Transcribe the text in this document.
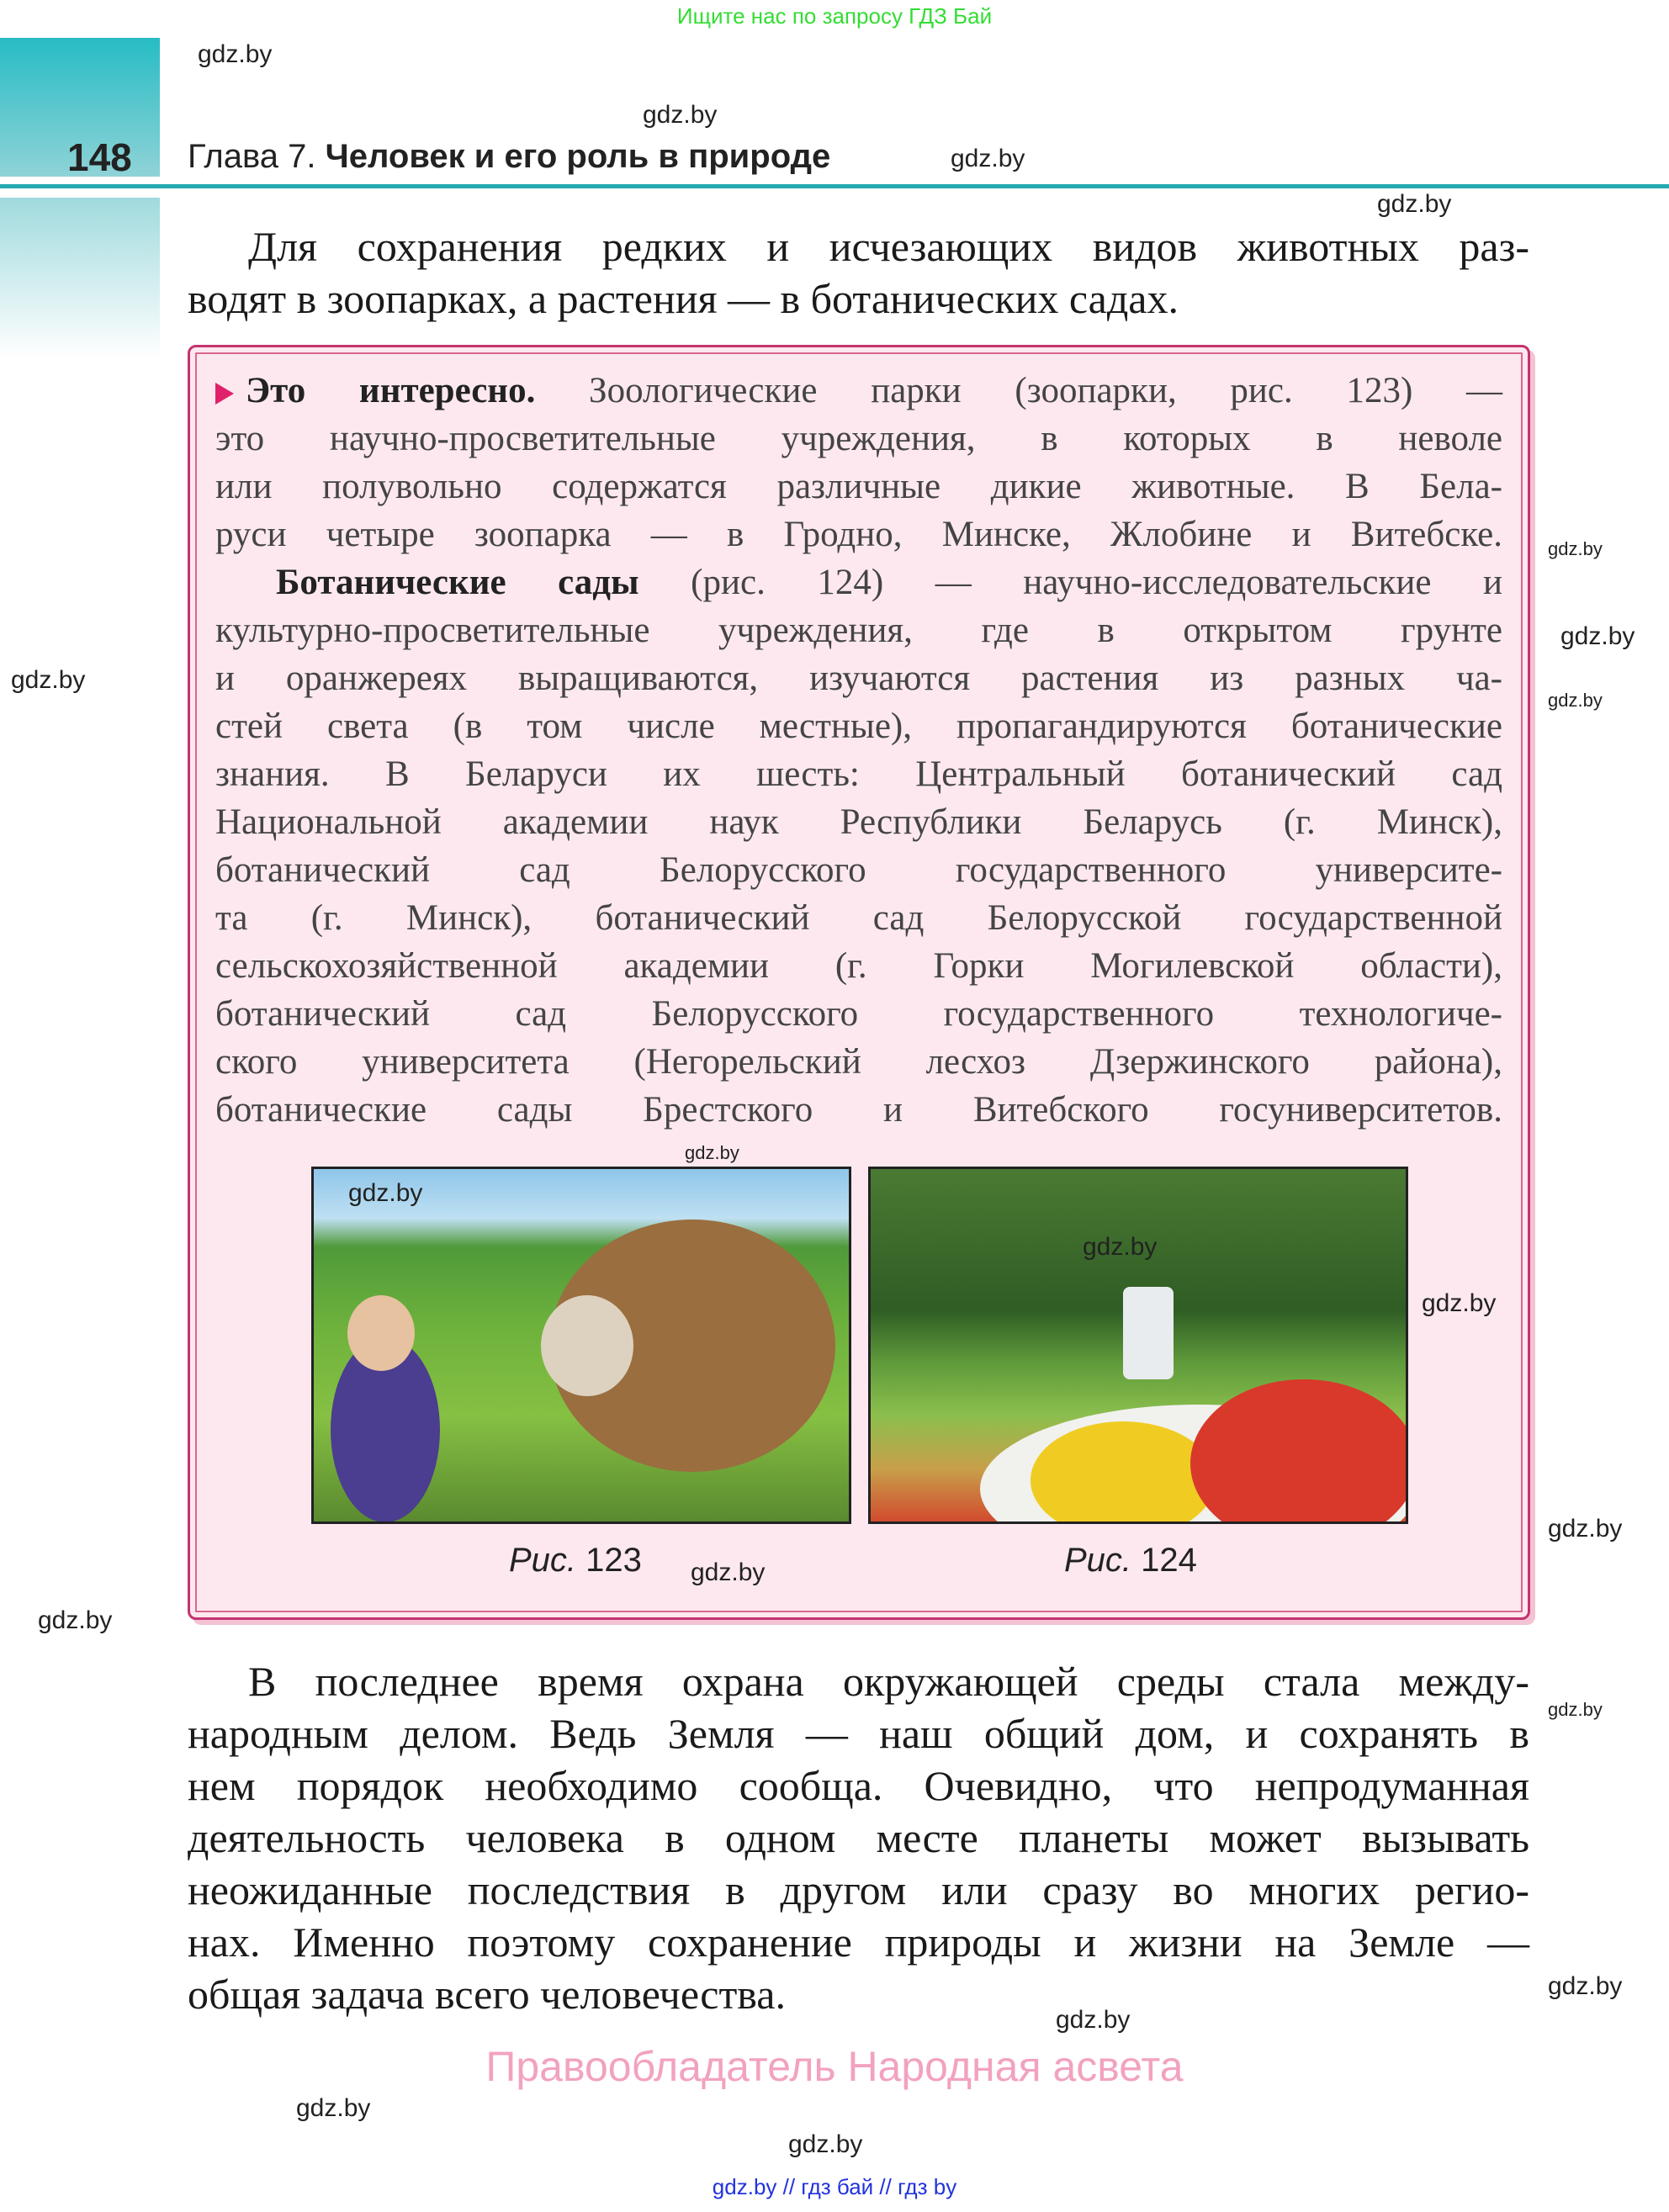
Ищите нас по запросу ГДЗ Бай
148 Глава 7. Человек и его роль в природе
Для сохранения редких и исчезающих видов животных раз-
водят в зоопарках, а растения — в ботанических садах.
Это интересно. Зоологические парки (зоопарки, рис. 123) —
это научно-просветительные учреждения, в которых в неволе
или полувольно содержатся различные дикие животные. В Бела-
руси четыре зоопарка — в Гродно, Минске, Жлобине и Витебске.
Ботанические сады (рис. 124) — научно-исследовательские и
культурно-просветительные учреждения, где в открытом грунте
и оранжереях выращиваются, изучаются растения из разных ча-
стей света (в том числе местные), пропагандируются ботанические
знания. В Беларуси их шесть: Центральный ботанический сад
Национальной академии наук Республики Беларусь (г. Минск),
ботанический сад Белорусского государственного университе-
та (г. Минск), ботанический сад Белорусской государственной
сельскохозяйственной академии (г. Горки Могилевской области),
ботанический сад Белорусского государственного технологиче-
ского университета (Негорельский лесхоз Дзержинского района),
ботанические сады Брестского и Витебского госуниверситетов.
Рис. 123	Рис. 124
В последнее время охрана окружающей среды стала между-
народным делом. Ведь Земля — наш общий дом, и сохранять в
нем порядок необходимо сообща. Очевидно, что непродуманная
деятельность человека в одном месте планеты может вызывать
неожиданные последствия в другом или сразу во многих регио-
нах. Именно поэтому сохранение природы и жизни на Земле —
общая задача всего человечества.
Правообладатель Народная асвета
gdz.by // гдз бай // гдз by
gdz.by
gdz.by
gdz.by
gdz.by
gdz.by
gdz.by
gdz.by
gdz.by
gdz.by
gdz.by
gdz.by
gdz.by
gdz.by
gdz.by
gdz.by
gdz.by
gdz.by
gdz.by
gdz.by
gdz.by
